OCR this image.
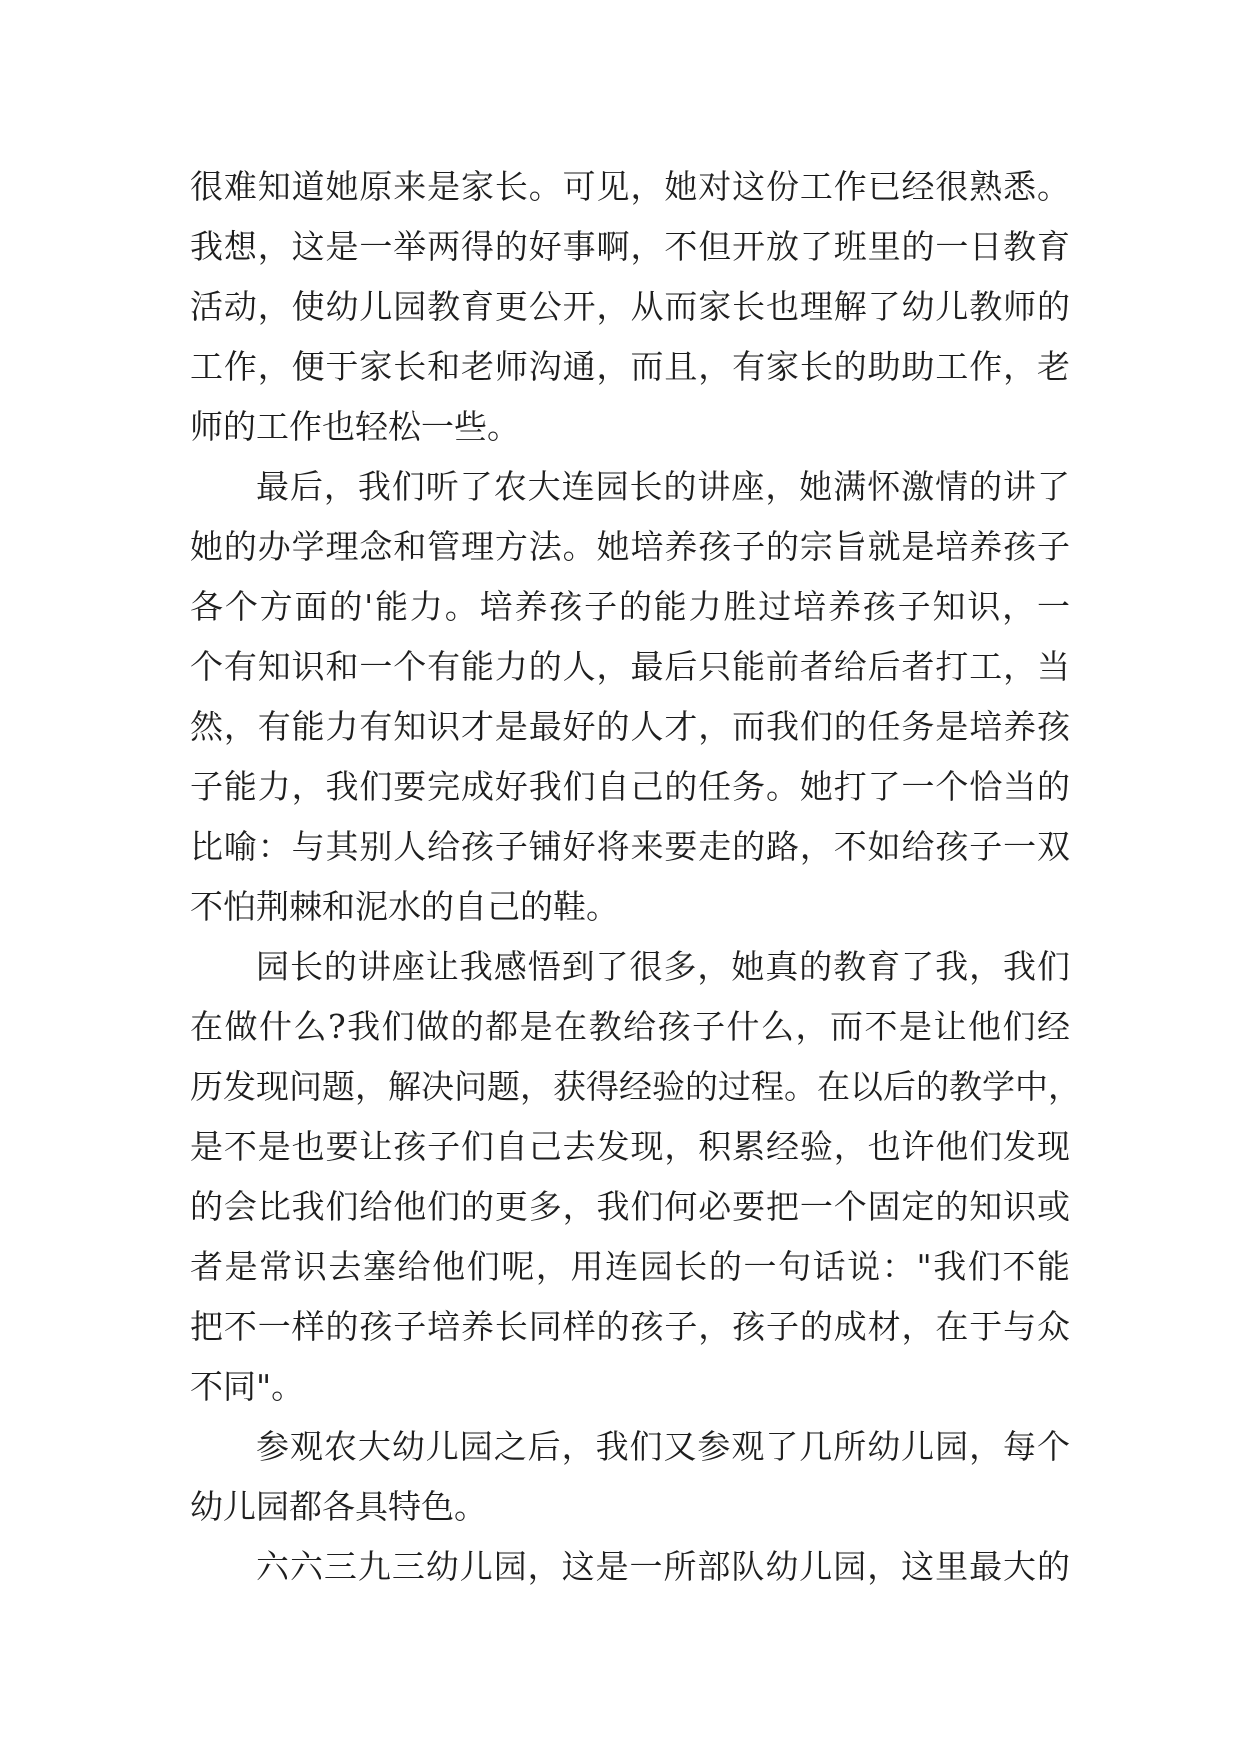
很难知道她原来是家长。可见，她对这份工作已经很熟悉。
我想，这是一举两得的好事啊，不但开放了班里的一日教育
活动，使幼儿园教育更公开，从而家长也理解了幼儿教师的
工作，便于家长和老师沟通，而且，有家长的助助工作，老
师的工作也轻松一些。
最后，我们听了农大连园长的讲座，她满怀激情的讲了
她的办学理念和管理方法。她培养孩子的宗旨就是培养孩子
各个方面的'能力。培养孩子的能力胜过培养孩子知识，一
个有知识和一个有能力的人，最后只能前者给后者打工，当
然，有能力有知识才是最好的人才，而我们的任务是培养孩
子能力，我们要完成好我们自己的任务。她打了一个恰当的
比喻：与其别人给孩子铺好将来要走的路，不如给孩子一双
不怕荆棘和泥水的自己的鞋。
园长的讲座让我感悟到了很多，她真的教育了我，我们
在做什么?我们做的都是在教给孩子什么，而不是让他们经
历发现问题，解决问题，获得经验的过程。在以后的教学中，
是不是也要让孩子们自己去发现，积累经验，也许他们发现
的会比我们给他们的更多，我们何必要把一个固定的知识或
者是常识去塞给他们呢，用连园长的一句话说："我们不能
把不一样的孩子培养长同样的孩子，孩子的成材，在于与众
不同"。
参观农大幼儿园之后，我们又参观了几所幼儿园，每个
幼儿园都各具特色。
六六三九三幼儿园，这是一所部队幼儿园，这里最大的
